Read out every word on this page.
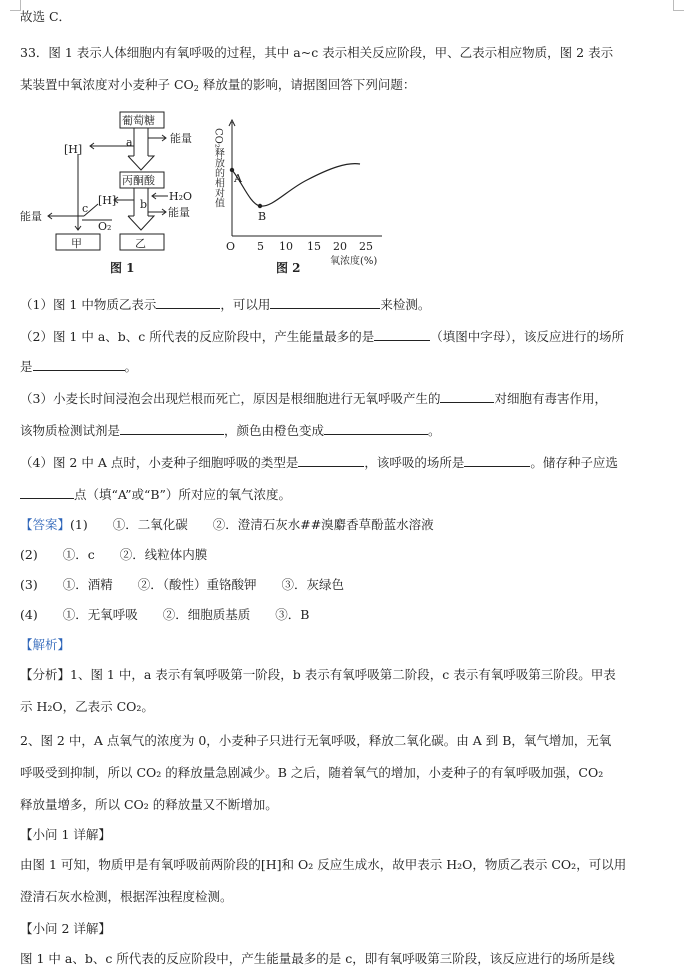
故选 C．
33．图 1 表示人体细胞内有氧呼吸的过程，其中 a~c 表示相关反应阶段，甲、乙表示相应物质，图 2 表示
某装置中氧浓度对小麦种子 $CO_2$ 释放量的影响，请据图回答下列问题：
葡萄糖
丙酮酸
甲	乙
能量
能量
能量
[H]
[H]	H₂O
O₂
a
b
c
图 1
A
B
O 5 10 15 20 25
氧浓度(%)
CO₂释放的相对值
图 2
（1）图 1 中物质乙表示	，可以用	来检测。
（2）图 1 中 a、b、c 所代表的反应阶段中，产生能量最多的是	（填图中字母），该反应进行的场所
是	。
（3）小麦长时间浸泡会出现烂根而死亡，原因是根细胞进行无氧呼吸产生的	对细胞有毒害作用，
该物质检测试剂是	，颜色由橙色变成	。
（4）图 2 中 A 点时，小麦种子细胞呼吸的类型是	，该呼吸的场所是	。储存种子应选
点（填“A”或“B”）所对应的氧气浓度。
【答案】(1)　　①．二氧化碳　　②．澄清石灰水##溴麝香草酚蓝水溶液
(2)　　①．c　　②．线粒体内膜
(3)　　①．酒精　　②．（酸性）重铬酸钾　　③．灰绿色
(4)　　①．无氧呼吸　　②．细胞质基质　　③．B
【解析】
【分析】1、图 1 中，a 表示有氧呼吸第一阶段，b 表示有氧呼吸第二阶段，c 表示有氧呼吸第三阶段。甲表
示 H₂O，乙表示 CO₂。
2、图 2 中，A 点氧气的浓度为 0，小麦种子只进行无氧呼吸，释放二氧化碳。由 A 到 B，氧气增加，无氧
呼吸受到抑制，所以 CO₂ 的释放量急剧减少。B 之后，随着氧气的增加，小麦种子的有氧呼吸加强，CO₂
释放量增多，所以 CO₂ 的释放量又不断增加。
【小问 1 详解】
由图 1 可知，物质甲是有氧呼吸前两阶段的[H]和 O₂ 反应生成水，故甲表示 H₂O，物质乙表示 CO₂，可以用
澄清石灰水检测，根据浑浊程度检测。
【小问 2 详解】
图 1 中 a、b、c 所代表的反应阶段中，产生能量最多的是 c，即有氧呼吸第三阶段，该反应进行的场所是线
